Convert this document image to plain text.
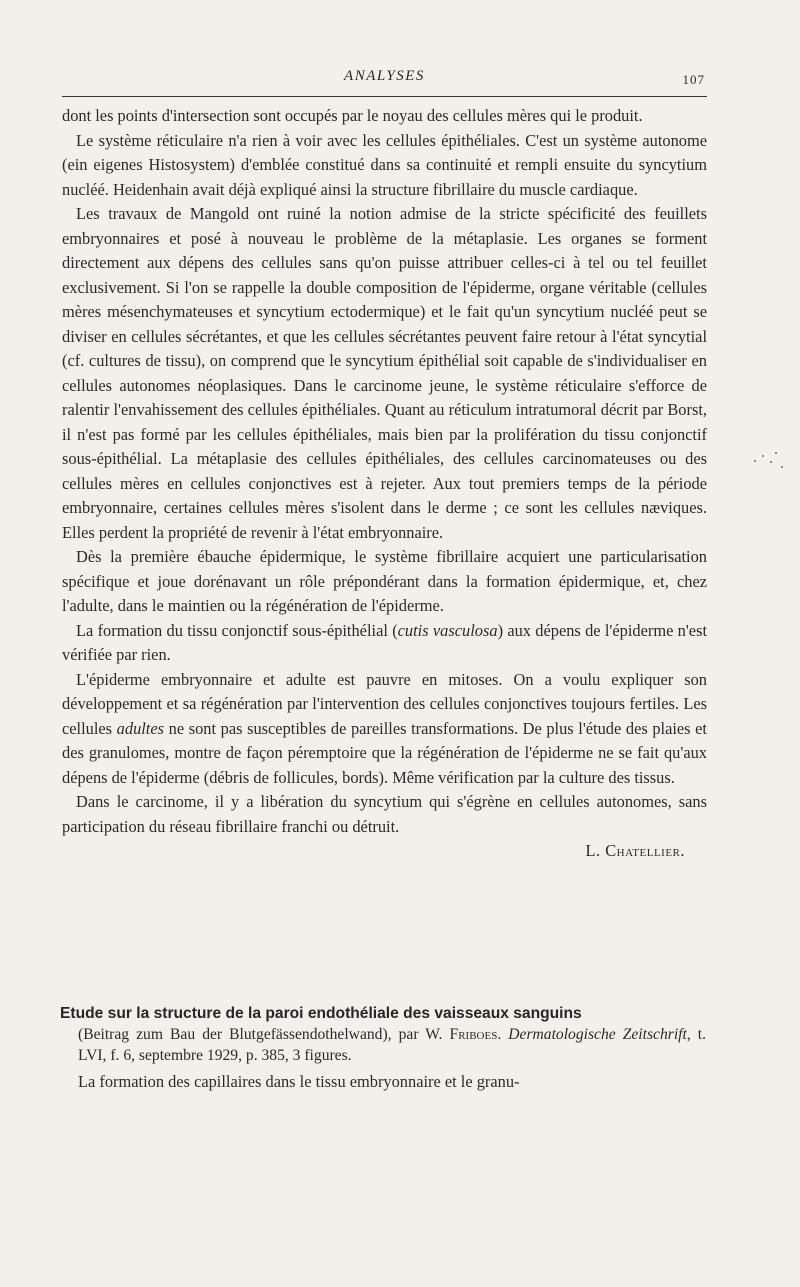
ANALYSES	107

dont les points d'intersection sont occupés par le noyau des cellules mères qui le produit.

Le système réticulaire n'a rien à voir avec les cellules épithéliales. C'est un système autonome (ein eigenes Histosystem) d'emblée constitué dans sa continuité et rempli ensuite du syncytium nucléé. Heidenhain avait déjà expliqué ainsi la structure fibrillaire du muscle cardiaque.

Les travaux de Mangold ont ruiné la notion admise de la stricte spécificité des feuillets embryonnaires et posé à nouveau le problème de la métaplasie. Les organes se forment directement aux dépens des cellules sans qu'on puisse attribuer celles-ci à tel ou tel feuillet exclusivement. Si l'on se rappelle la double composition de l'épiderme, organe véritable (cellules mères mésenchymateuses et syncytium ectodermique) et le fait qu'un syncytium nucléé peut se diviser en cellules sécrétantes, et que les cellules sécrétantes peuvent faire retour à l'état syncytial (cf. cultures de tissu), on comprend que le syncytium épithélial soit capable de s'individualiser en cellules autonomes néoplasiques. Dans le carcinome jeune, le système réticulaire s'efforce de ralentir l'envahissement des cellules épithéliales. Quant au réticulum intratumoral décrit par Borst, il n'est pas formé par les cellules épithéliales, mais bien par la prolifération du tissu conjonctif sous-épithélial. La métaplasie des cellules épithéliales, des cellules carcinomateuses ou des cellules mères en cellules conjonctives est à rejeter. Aux tout premiers temps de la période embryonnaire, certaines cellules mères s'isolent dans le derme ; ce sont les cellules næviques. Elles perdent la propriété de revenir à l'état embryonnaire.

Dès la première ébauche épidermique, le système fibrillaire acquiert une particularisation spécifique et joue dorénavant un rôle prépondérant dans la formation épidermique, et, chez l'adulte, dans le maintien ou la régénération de l'épiderme.

La formation du tissu conjonctif sous-épithélial (cutis vasculosa) aux dépens de l'épiderme n'est vérifiée par rien.

L'épiderme embryonnaire et adulte est pauvre en mitoses. On a voulu expliquer son développement et sa régénération par l'intervention des cellules conjonctives toujours fertiles. Les cellules adultes ne sont pas susceptibles de pareilles transformations. De plus l'étude des plaies et des granulomes, montre de façon péremptoire que la régénération de l'épiderme ne se fait qu'aux dépens de l'épiderme (débris de follicules, bords). Même vérification par la culture des tissus.

Dans le carcinome, il y a libération du syncytium qui s'égrène en cellules autonomes, sans participation du réseau fibrillaire franchi ou détruit.

L. Chatellier.
Etude sur la structure de la paroi endothéliale des vaisseaux sanguins
(Beitrag zum Bau der Blutgefässendothelwand), par W. Friboes. Dermatologische Zeitschrift, t. LVI, f. 6, septembre 1929, p. 385, 3 figures.
La formation des capillaires dans le tissu embryonnaire et le granu-
